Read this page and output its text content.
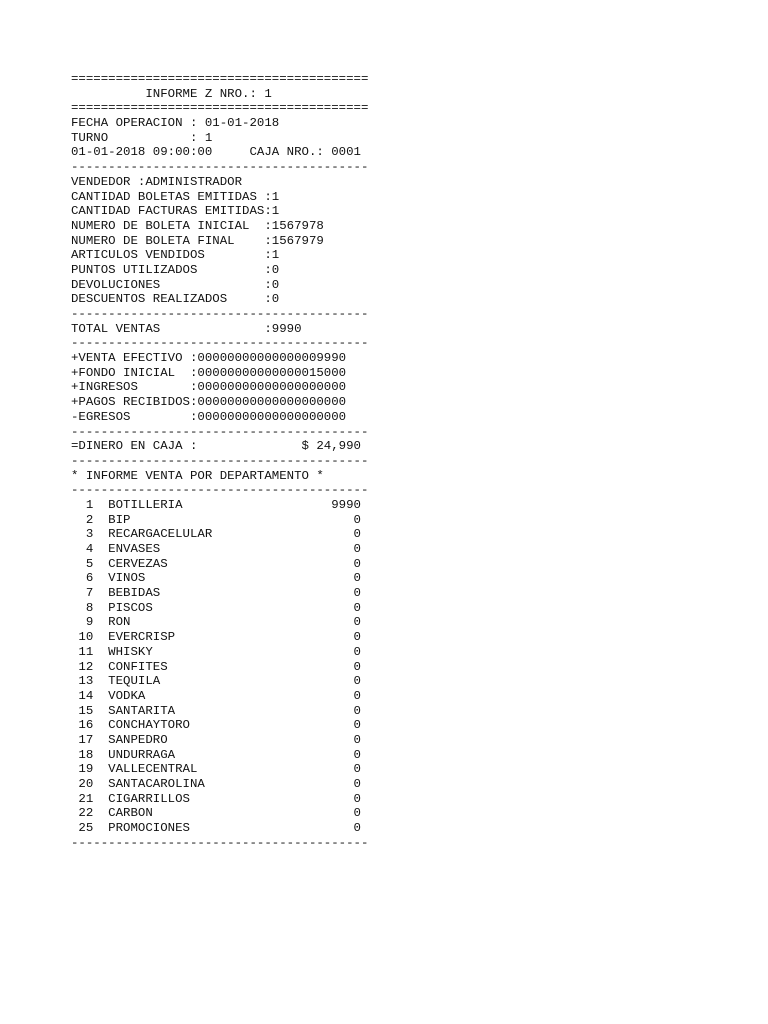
========================================
INFORME Z NRO.: 1
========================================
FECHA OPERACION : 01-01-2018
TURNO           : 1
01-01-2018 09:00:00     CAJA NRO.: 0001
----------------------------------------
VENDEDOR :ADMINISTRADOR
CANTIDAD BOLETAS EMITIDAS :1
CANTIDAD FACTURAS EMITIDAS:1
NUMERO DE BOLETA INICIAL  :1567978
NUMERO DE BOLETA FINAL    :1567979
ARTICULOS VENDIDOS        :1
PUNTOS UTILIZADOS         :0
DEVOLUCIONES              :0
DESCUENTOS REALIZADOS     :0
----------------------------------------
TOTAL VENTAS              :9990
----------------------------------------
+VENTA EFECTIVO :00000000000000009990
+FONDO INICIAL  :00000000000000015000
+INGRESOS       :00000000000000000000
+PAGOS RECIBIDOS:00000000000000000000
-EGRESOS        :00000000000000000000
----------------------------------------
=DINERO EN CAJA :              $ 24,990
----------------------------------------
* INFORME VENTA POR DEPARTAMENTO *
----------------------------------------
1  BOTILLERIA                    9990
2  BIP                              0
3  RECARGACELULAR                   0
4  ENVASES                          0
5  CERVEZAS                         0
6  VINOS                            0
7  BEBIDAS                          0
8  PISCOS                           0
9  RON                              0
10  EVERCRISP                        0
11  WHISKY                           0
12  CONFITES                         0
13  TEQUILA                          0
14  VODKA                            0
15  SANTARITA                        0
16  CONCHAYTORO                      0
17  SANPEDRO                         0
18  UNDURRAGA                        0
19  VALLECENTRAL                     0
20  SANTACAROLINA                    0
21  CIGARRILLOS                      0
22  CARBON                           0
25  PROMOCIONES                      0
----------------------------------------
